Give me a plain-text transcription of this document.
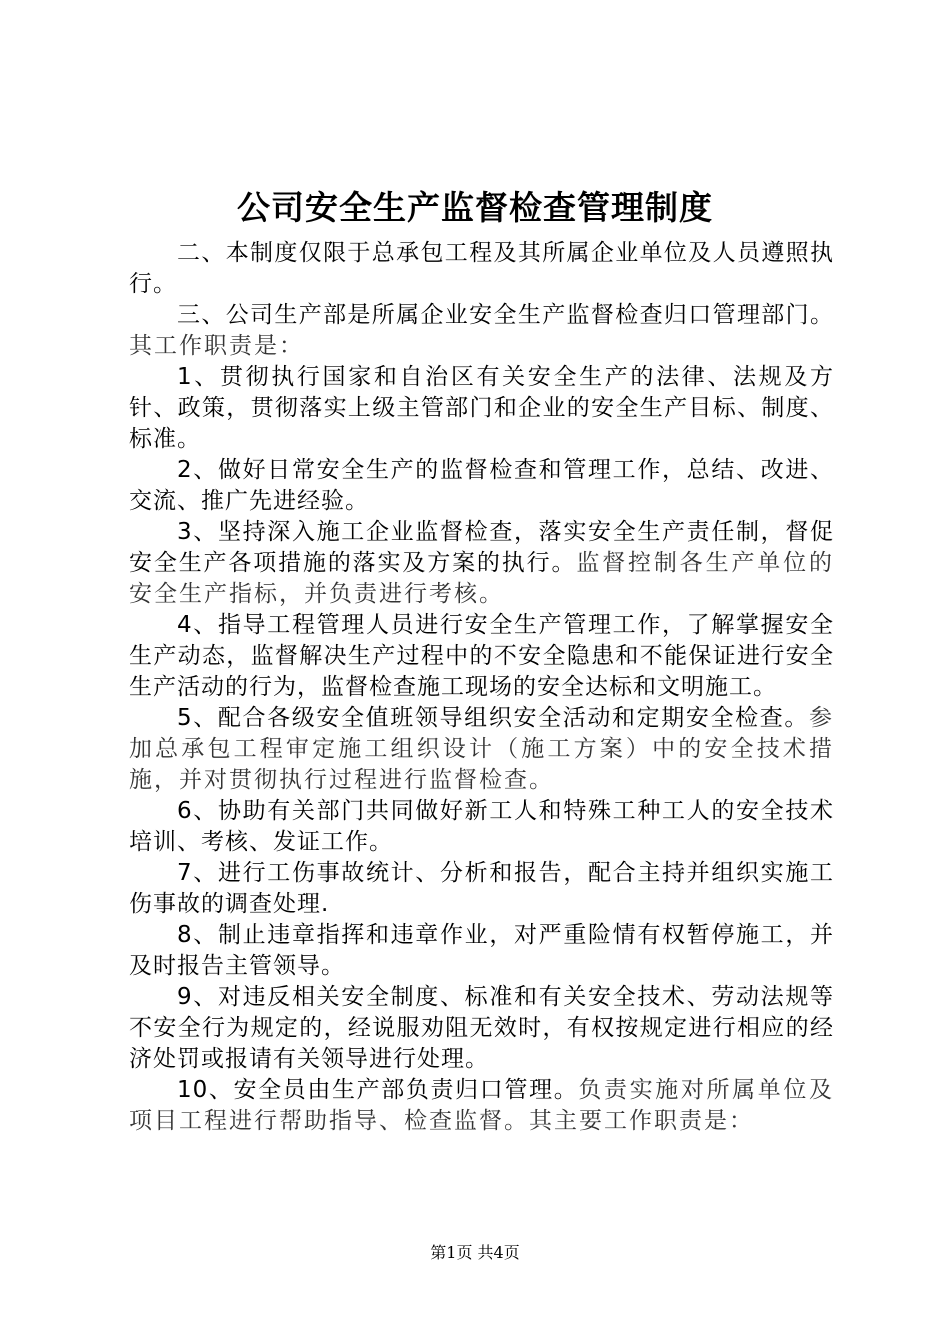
公司安全生产监督检查管理制度

二、本制度仅限于总承包工程及其所属企业单位及人员遵照执行。

三、公司生产部是所属企业安全生产监督检查归口管理部门。其工作职责是：

1、贯彻执行国家和自治区有关安全生产的法律、法规及方针、政策，贯彻落实上级主管部门和企业的安全生产目标、制度、标准。

2、做好日常安全生产的监督检查和管理工作，总结、改进、交流、推广先进经验。

3、坚持深入施工企业监督检查，落实安全生产责任制，督促安全生产各项措施的落实及方案的执行。监督控制各生产单位的安全生产指标，并负责进行考核。

4、指导工程管理人员进行安全生产管理工作，了解掌握安全生产动态，监督解决生产过程中的不安全隐患和不能保证进行安全生产活动的行为，监督检查施工现场的安全达标和文明施工。

5、配合各级安全值班领导组织安全活动和定期安全检查。参加总承包工程审定施工组织设计（施工方案）中的安全技术措施，并对贯彻执行过程进行监督检查。

6、协助有关部门共同做好新工人和特殊工种工人的安全技术培训、考核、发证工作。

7、进行工伤事故统计、分析和报告，配合主持并组织实施工伤事故的调查处理.

8、制止违章指挥和违章作业，对严重险情有权暂停施工，并及时报告主管领导。

9、对违反相关安全制度、标准和有关安全技术、劳动法规等不安全行为规定的，经说服劝阻无效时，有权按规定进行相应的经济处罚或报请有关领导进行处理。

10、安全员由生产部负责归口管理。负责实施对所属单位及项目工程进行帮助指导、检查监督。其主要工作职责是：

第1页 共4页
